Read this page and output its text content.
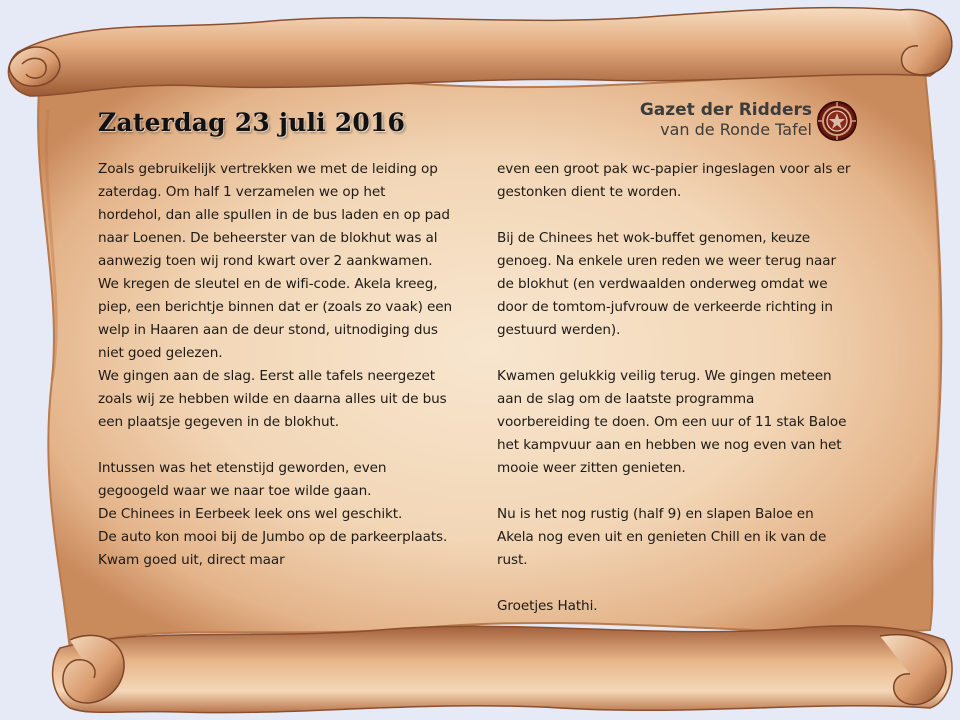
Zaterdag 23 juli 2016	Gazet der Ridders
van de Ronde Tafel

Zoals gebruikelijk vertrekken we met de leiding op

zaterdag. Om half 1 verzamelen we op het

hordehol, dan alle spullen in de bus laden en op pad

naar Loenen. De beheerster van de blokhut was al

aanwezig toen wij rond kwart over 2 aankwamen.

We kregen de sleutel en de wifi-code. Akela kreeg,

piep, een berichtje binnen dat er (zoals zo vaak) een

welp in Haaren aan de deur stond, uitnodiging dus

niet goed gelezen.

We gingen aan de slag. Eerst alle tafels neergezet

zoals wij ze hebben wilde en daarna alles uit de bus

een plaatsje gegeven in de blokhut.

Intussen was het etenstijd geworden, even

gegoogeld waar we naar toe wilde gaan.

De Chinees in Eerbeek leek ons wel geschikt.

De auto kon mooi bij de Jumbo op de parkeerplaats.

Kwam goed uit, direct maar

even een groot pak wc-papier ingeslagen voor als er

gestonken dient te worden.

Bij de Chinees het wok-buffet genomen, keuze

genoeg. Na enkele uren reden we weer terug naar

de blokhut (en verdwaalden onderweg omdat we

door de tomtom-jufvrouw de verkeerde richting in

gestuurd werden).

Kwamen gelukkig veilig terug. We gingen meteen

aan de slag om de laatste programma

voorbereiding te doen. Om een uur of 11 stak Baloe

het kampvuur aan en hebben we nog even van het

mooie weer zitten genieten.

Nu is het nog rustig (half 9) en slapen Baloe en

Akela nog even uit en genieten Chill en ik van de

rust.

Groetjes Hathi.
